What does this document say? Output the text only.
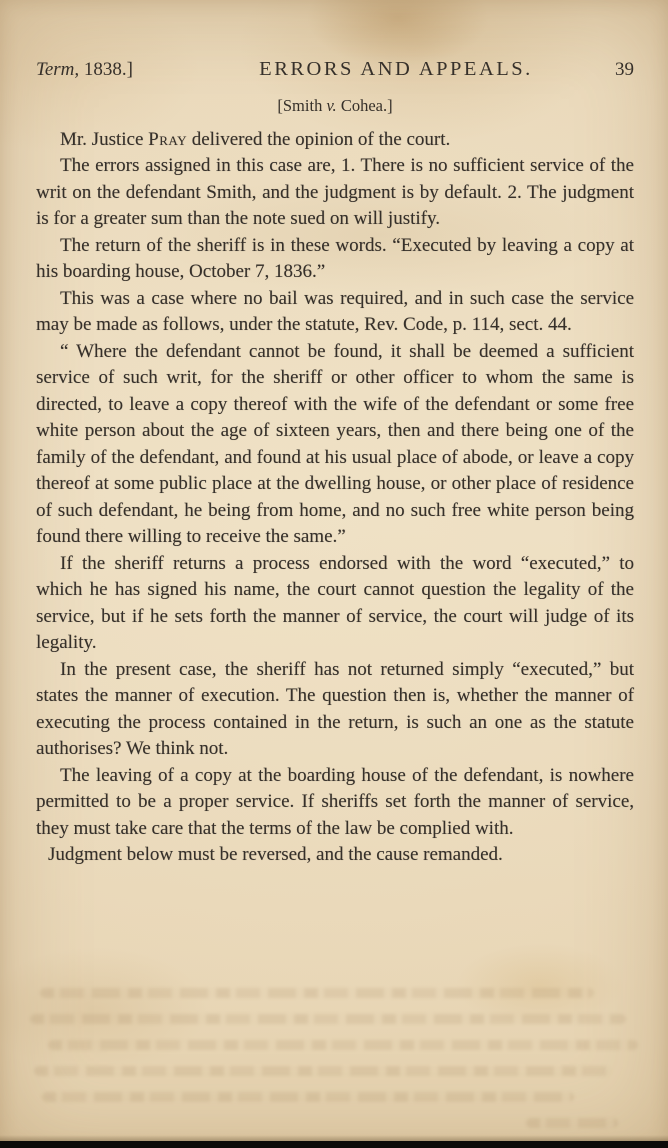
Term, 1838.]	ERRORS AND APPEALS.	39
[Smith v. Cohea.]

Mr. Justice Pray delivered the opinion of the court.

The errors assigned in this case are, 1. There is no sufficient service of the writ on the defendant Smith, and the judgment is by default. 2. The judgment is for a greater sum than the note sued on will justify.

The return of the sheriff is in these words. “Executed by leaving a copy at his boarding house, October 7, 1836.”

This was a case where no bail was required, and in such case the service may be made as follows, under the statute, Rev. Code, p. 114, sect. 44.

“ Where the defendant cannot be found, it shall be deemed a sufficient service of such writ, for the sheriff or other officer to whom the same is directed, to leave a copy thereof with the wife of the defendant or some free white person about the age of sixteen years, then and there being one of the family of the defendant, and found at his usual place of abode, or leave a copy thereof at some public place at the dwelling house, or other place of residence of such defendant, he being from home, and no such free white person being found there willing to receive the same.”

If the sheriff returns a process endorsed with the word “executed,” to which he has signed his name, the court cannot question the legality of the service, but if he sets forth the manner of service, the court will judge of its legality.

In the present case, the sheriff has not returned simply “executed,” but states the manner of execution. The question then is, whether the manner of executing the process contained in the return, is such an one as the statute authorises? We think not.

The leaving of a copy at the boarding house of the defendant, is nowhere permitted to be a proper service. If sheriffs set forth the manner of service, they must take care that the terms of the law be complied with.

Judgment below must be reversed, and the cause remanded.
